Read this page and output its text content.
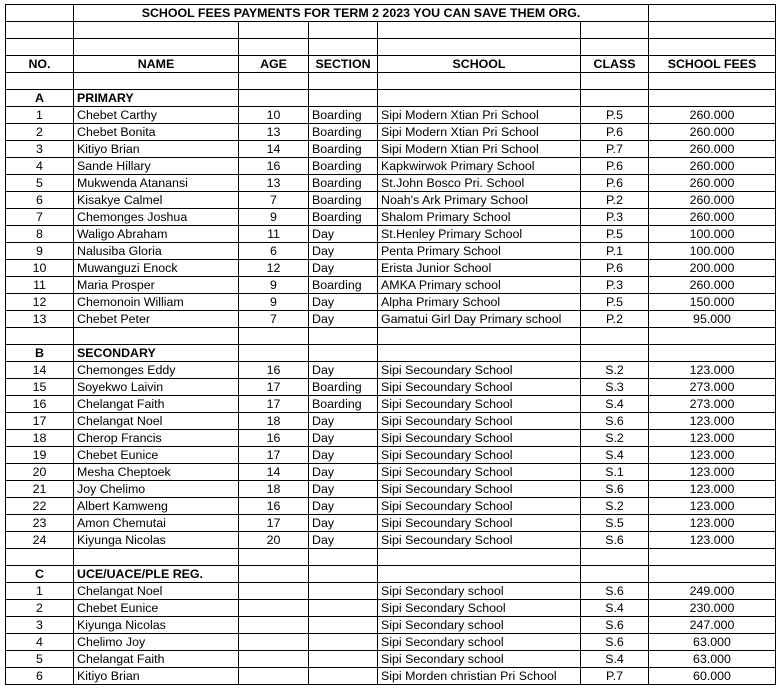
	SCHOOL FEES PAYMENTS FOR TERM 2 2023 YOU CAN SAVE THEM ORG.					

NO.	NAME	AGE	SECTION	SCHOOL	CLASS	SCHOOL FEES

A	PRIMARY					
1	Chebet Carthy	10	Boarding	Sipi Modern Xtian Pri School	P.5	260.000
2	Chebet Bonita	13	Boarding	Sipi Modern Xtian Pri School	P.6	260.000
3	Kitiyo Brian	14	Boarding	Sipi Modern Xtian Pri School	P.7	260.000
4	Sande Hillary	16	Boarding	Kapkwirwok Primary School	P.6	260.000
5	Mukwenda Atanansi	13	Boarding	St.John Bosco Pri. School	P.6	260.000
6	Kisakye Calmel	7	Boarding	Noah's Ark Primary School	P.2	260.000
7	Chemonges Joshua	9	Boarding	Shalom Primary School	P.3	260.000
8	Waligo Abraham	11	Day	St.Henley Primary School	P.5	100.000
9	Nalusiba Gloria	6	Day	Penta Primary School	P.1	100.000
10	Muwanguzi Enock	12	Day	Erista Junior School	P.6	200.000
11	Maria Prosper	9	Boarding	AMKA Primary school	P.3	260.000
12	Chemonoin William	9	Day	Alpha Primary School	P.5	150.000
13	Chebet Peter	7	Day	Gamatui Girl Day Primary school	P.2	95.000

B	SECONDARY					
14	Chemonges Eddy	16	Day	Sipi Secoundary School	S.2	123.000
15	Soyekwo Laivin	17	Boarding	Sipi Secoundary School	S.3	273.000
16	Chelangat Faith	17	Boarding	Sipi Secoundary School	S.4	273.000
17	Chelangat Noel	18	Day	Sipi Secoundary School	S.6	123.000
18	Cherop Francis	16	Day	Sipi Secoundary School	S.2	123.000
19	Chebet Eunice	17	Day	Sipi Secoundary School	S.4	123.000
20	Mesha Cheptoek	14	Day	Sipi Secoundary School	S.1	123.000
21	Joy Chelimo	18	Day	Sipi Secoundary School	S.6	123.000
22	Albert Kamweng	16	Day	Sipi Secoundary School	S.2	123.000
23	Amon Chemutai	17	Day	Sipi Secoundary School	S.5	123.000
24	Kiyunga Nicolas	20	Day	Sipi Secoundary School	S.6	123.000

C	UCE/UACE/PLE REG.					
1	Chelangat Noel			Sipi Secondary school	S.6	249.000
2	Chebet Eunice			Sipi Secondary School	S.4	230.000
3	Kiyunga Nicolas			Sipi Secondary school	S.6	247.000
4	Chelimo Joy			Sipi Secondary school	S.6	63.000
5	Chelangat Faith			Sipi Secondary school	S.4	63.000
6	Kitiyo Brian			Sipi Morden christian Pri School	P.7	60.000
